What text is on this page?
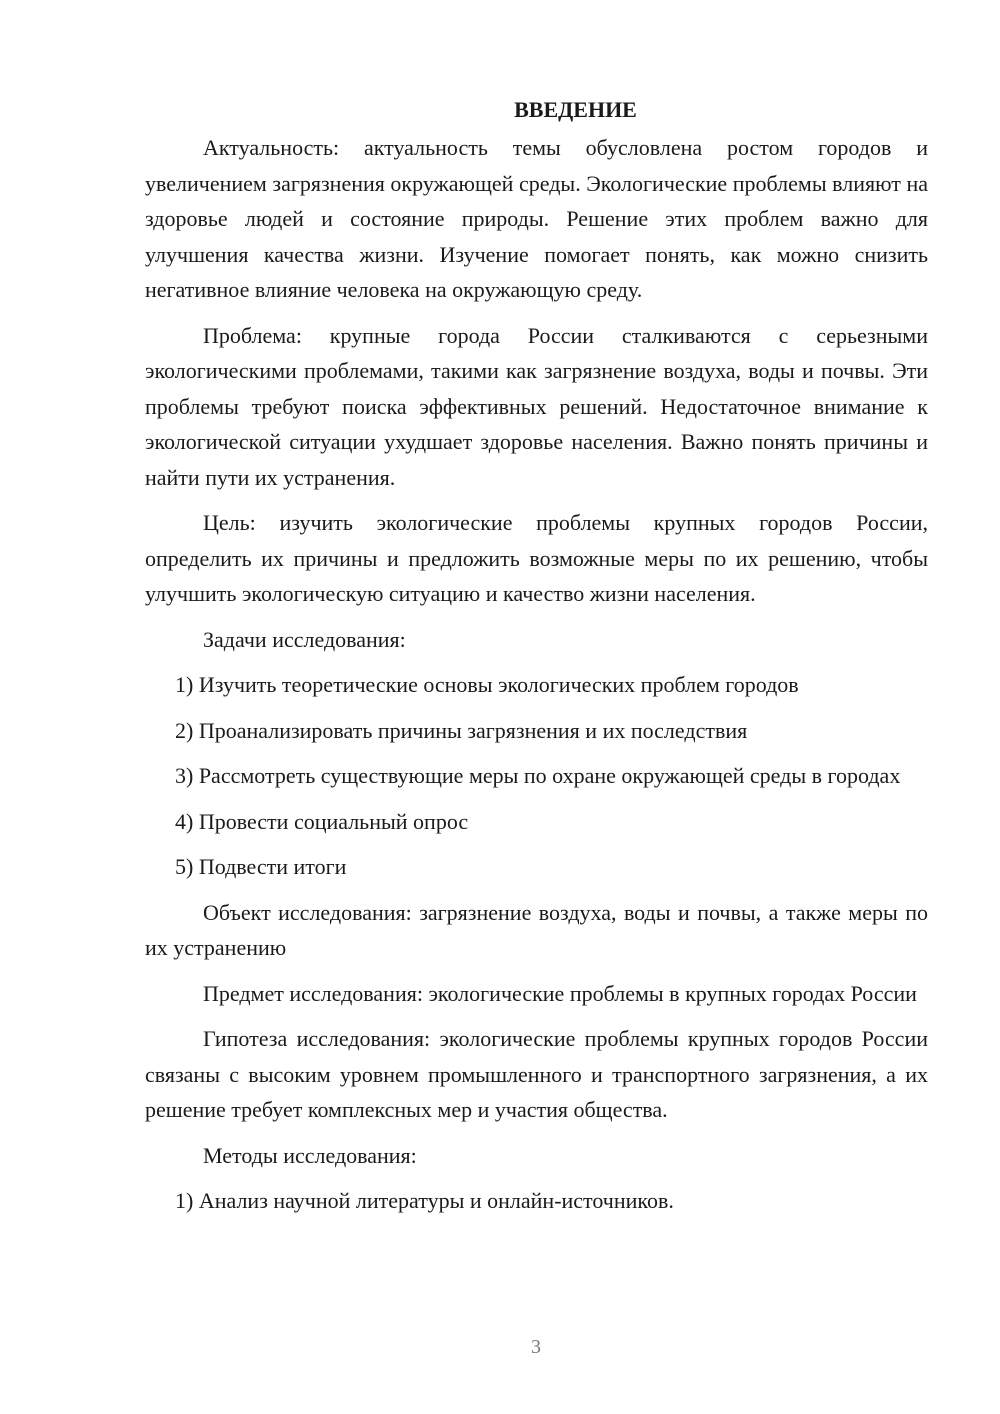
ВВЕДЕНИЕ

Актуальность: актуальность темы обусловлена ростом городов и увеличением загрязнения окружающей среды. Экологические проблемы влияют на здоровье людей и состояние природы. Решение этих проблем важно для улучшения качества жизни. Изучение помогает понять, как можно снизить негативное влияние человека на окружающую среду.

Проблема: крупные города России сталкиваются с серьезными экологическими проблемами, такими как загрязнение воздуха, воды и почвы. Эти проблемы требуют поиска эффективных решений. Недостаточное внимание к экологической ситуации ухудшает здоровье населения. Важно понять причины и найти пути их устранения.

Цель: изучить экологические проблемы крупных городов России, определить их причины и предложить возможные меры по их решению, чтобы улучшить экологическую ситуацию и качество жизни населения.

Задачи исследования:

1) Изучить теоретические основы экологических проблем городов

2) Проанализировать причины загрязнения и их последствия

3) Рассмотреть существующие меры по охране окружающей среды в городах

4) Провести социальный опрос

5) Подвести итоги

Объект исследования: загрязнение воздуха, воды и почвы, а также меры по их устранению

Предмет исследования: экологические проблемы в крупных городах России

Гипотеза исследования: экологические проблемы крупных городов России связаны с высоким уровнем промышленного и транспортного загрязнения, а их решение требует комплексных мер и участия общества.

Методы исследования:

1) Анализ научной литературы и онлайн-источников.

3
